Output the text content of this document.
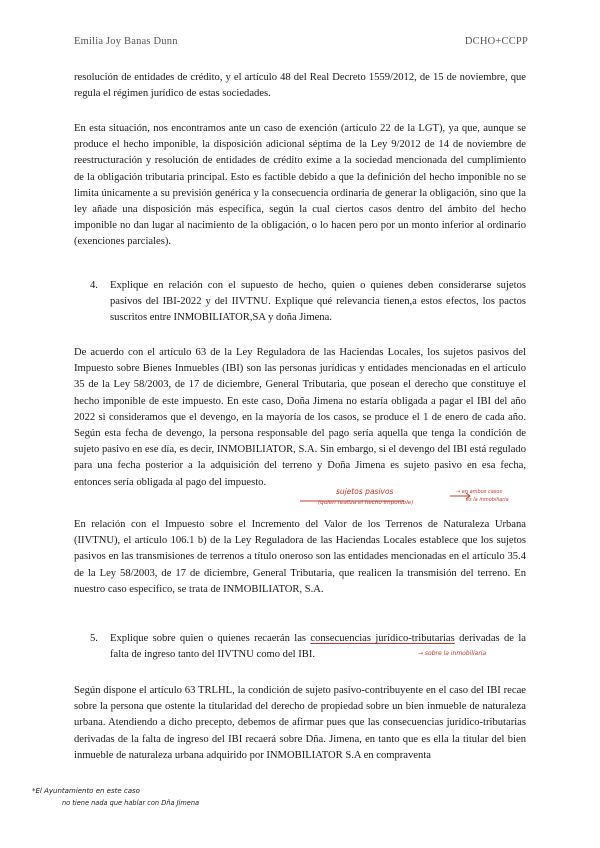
Emilia Joy Banas Dunn	DCHO+CCPP

resolución de entidades de crédito, y el artículo 48 del Real Decreto 1559/2012, de 15 de noviembre, que regula el régimen jurídico de estas sociedades.

En esta situación, nos encontramos ante un caso de exención (artículo 22 de la LGT), ya que, aunque se produce el hecho imponible, la disposición adicional séptima de la Ley 9/2012 de 14 de noviembre de reestructuración y resolución de entidades de crédito exime a la sociedad mencionada del cumplimiento de la obligación tributaria principal. Esto es factible debido a que la definición del hecho imponible no se limita únicamente a su previsión genérica y la consecuencia ordinaria de generar la obligación, sino que la ley añade una disposición más específica, según la cual ciertos casos dentro del ámbito del hecho imponible no dan lugar al nacimiento de la obligación, o lo hacen pero por un monto inferior al ordinario (exenciones parciales).

4. Explique en relación con el supuesto de hecho, quien o quienes deben considerarse sujetos pasivos del IBI-2022 y del IIVTNU. Explique qué relevancia tienen,a estos efectos, los pactos suscritos entre INMOBILIATOR,SA y doña Jimena.

De acuerdo con el artículo 63 de la Ley Reguladora de las Haciendas Locales, los sujetos pasivos del Impuesto sobre Bienes Inmuebles (IBI) son las personas jurídicas y entidades mencionadas en el artículo 35 de la Ley 58/2003, de 17 de diciembre, General Tributaria, que posean el derecho que constituye el hecho imponible de este impuesto. En este caso, Doña Jimena no estaría obligada a pagar el IBI del año 2022 si consideramos que el devengo, en la mayoría de los casos, se produce el 1 de enero de cada año. Según esta fecha de devengo, la persona responsable del pago sería aquella que tenga la condición de sujeto pasivo en ese día, es decir, INMOBILIATOR, S.A. Sin embargo, si el devengo del IBI está regulado para una fecha posterior a la adquisición del terreno y Doña Jimena es sujeto pasivo en esa fecha, entonces sería obligada al pago del impuesto.

sujetos pasivos
(quien realiza el hecho imponible)
→ en ambos casos
es la inmobiliaria

En relación con el Impuesto sobre el Incremento del Valor de los Terrenos de Naturaleza Urbana (IIVTNU), el artículo 106.1 b) de la Ley Reguladora de las Haciendas Locales establece que los sujetos pasivos en las transmisiones de terrenos a título oneroso son las entidades mencionadas en el artículo 35.4 de la Ley 58/2003, de 17 de diciembre, General Tributaria, que realicen la transmisión del terreno. En nuestro caso específico, se trata de INMOBILIATOR, S.A.

5. Explique sobre quien o quienes recaerán las consecuencias jurídico-tributarias derivadas de la falta de ingreso tanto del IIVTNU como del IBI.	→ sobre la inmobiliaria

Según dispone el artículo 63 TRLHL, la condición de sujeto pasivo-contribuyente en el caso del IBI recae sobre la persona que ostente la titularidad del derecho de propiedad sobre un bien inmueble de naturaleza urbana. Atendiendo a dicho precepto, debemos de afirmar pues que las consecuencias jurídico-tributarias derivadas de la falta de ingreso del IBI recaerá sobre Dña. Jimena, en tanto que es ella la titular del bien inmueble de naturaleza urbana adquirido por INMOBILIATOR S.A en compraventa

*El Ayuntamiento en este caso
no tiene nada que hablar con Dña Jimena
